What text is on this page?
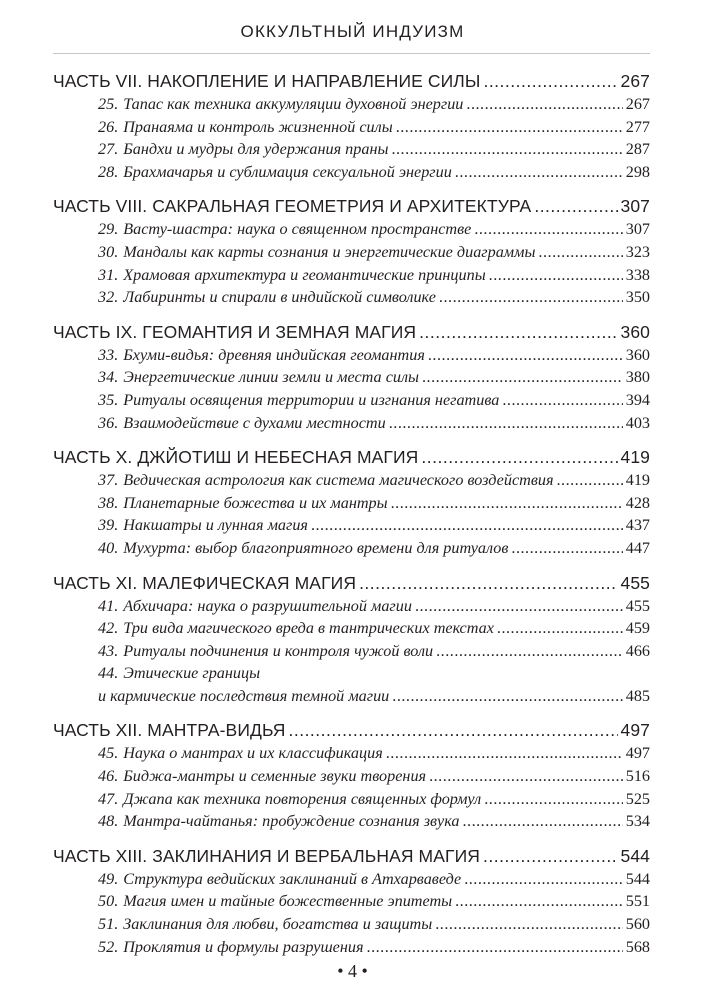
ОККУЛЬТНЫЙ ИНДУИЗМ
ЧАСТЬ VII. НАКОПЛЕНИЕ И НАПРАВЛЕНИЕ СИЛЫ .....	267
25. Тапас как техника аккумуляции духовной энергии .....	267
26. Пранаяма и контроль жизненной силы .....	277
27. Бандхи и мудры для удержания праны .....	287
28. Брахмачарья и сублимация сексуальной энергии .....	298
ЧАСТЬ VIII. САКРАЛЬНАЯ ГЕОМЕТРИЯ И АРХИТЕКТУРА .....	307
29. Васту-шастра: наука о священном пространстве .....	307
30. Мандалы как карты сознания и энергетические диаграммы .....	323
31. Храмовая архитектура и геомантические принципы .....	338
32. Лабиринты и спирали в индийской символике .....	350
ЧАСТЬ IX. ГЕОМАНТИЯ И ЗЕМНАЯ МАГИЯ .....	360
33. Бхуми-видья: древняя индийская геомантия .....	360
34. Энергетические линии земли и места силы .....	380
35. Ритуалы освящения территории и изгнания негатива .....	394
36. Взаимодействие с духами местности .....	403
ЧАСТЬ X. ДЖЙОТИШ И НЕБЕСНАЯ МАГИЯ .....	419
37. Ведическая астрология как система магического воздействия .....	419
38. Планетарные божества и их мантры .....	428
39. Накшатры и лунная магия .....	437
40. Мухурта: выбор благоприятного времени для ритуалов .....	447
ЧАСТЬ XI. МАЛЕФИЧЕСКАЯ МАГИЯ .....	455
41. Абхичара: наука о разрушительной магии .....	455
42. Три вида магического вреда в тантрических текстах .....	459
43. Ритуалы подчинения и контроля чужой воли .....	466
44. Этические границы
и кармические последствия темной магии .....	485
ЧАСТЬ XII. МАНТРА-ВИДЬЯ .....	497
45. Наука о мантрах и их классификация .....	497
46. Биджа-мантры и семенные звуки творения .....	516
47. Джапа как техника повторения священных формул .....	525
48. Мантра-чайтанья: пробуждение сознания звука .....	534
ЧАСТЬ XIII. ЗАКЛИНАНИЯ И ВЕРБАЛЬНАЯ МАГИЯ .....	544
49. Структура ведийских заклинаний в Атхарваведе .....	544
50. Магия имен и тайные божественные эпитеты .....	551
51. Заклинания для любви, богатства и защиты .....	560
52. Проклятия и формулы разрушения .....	568
• 4 •
